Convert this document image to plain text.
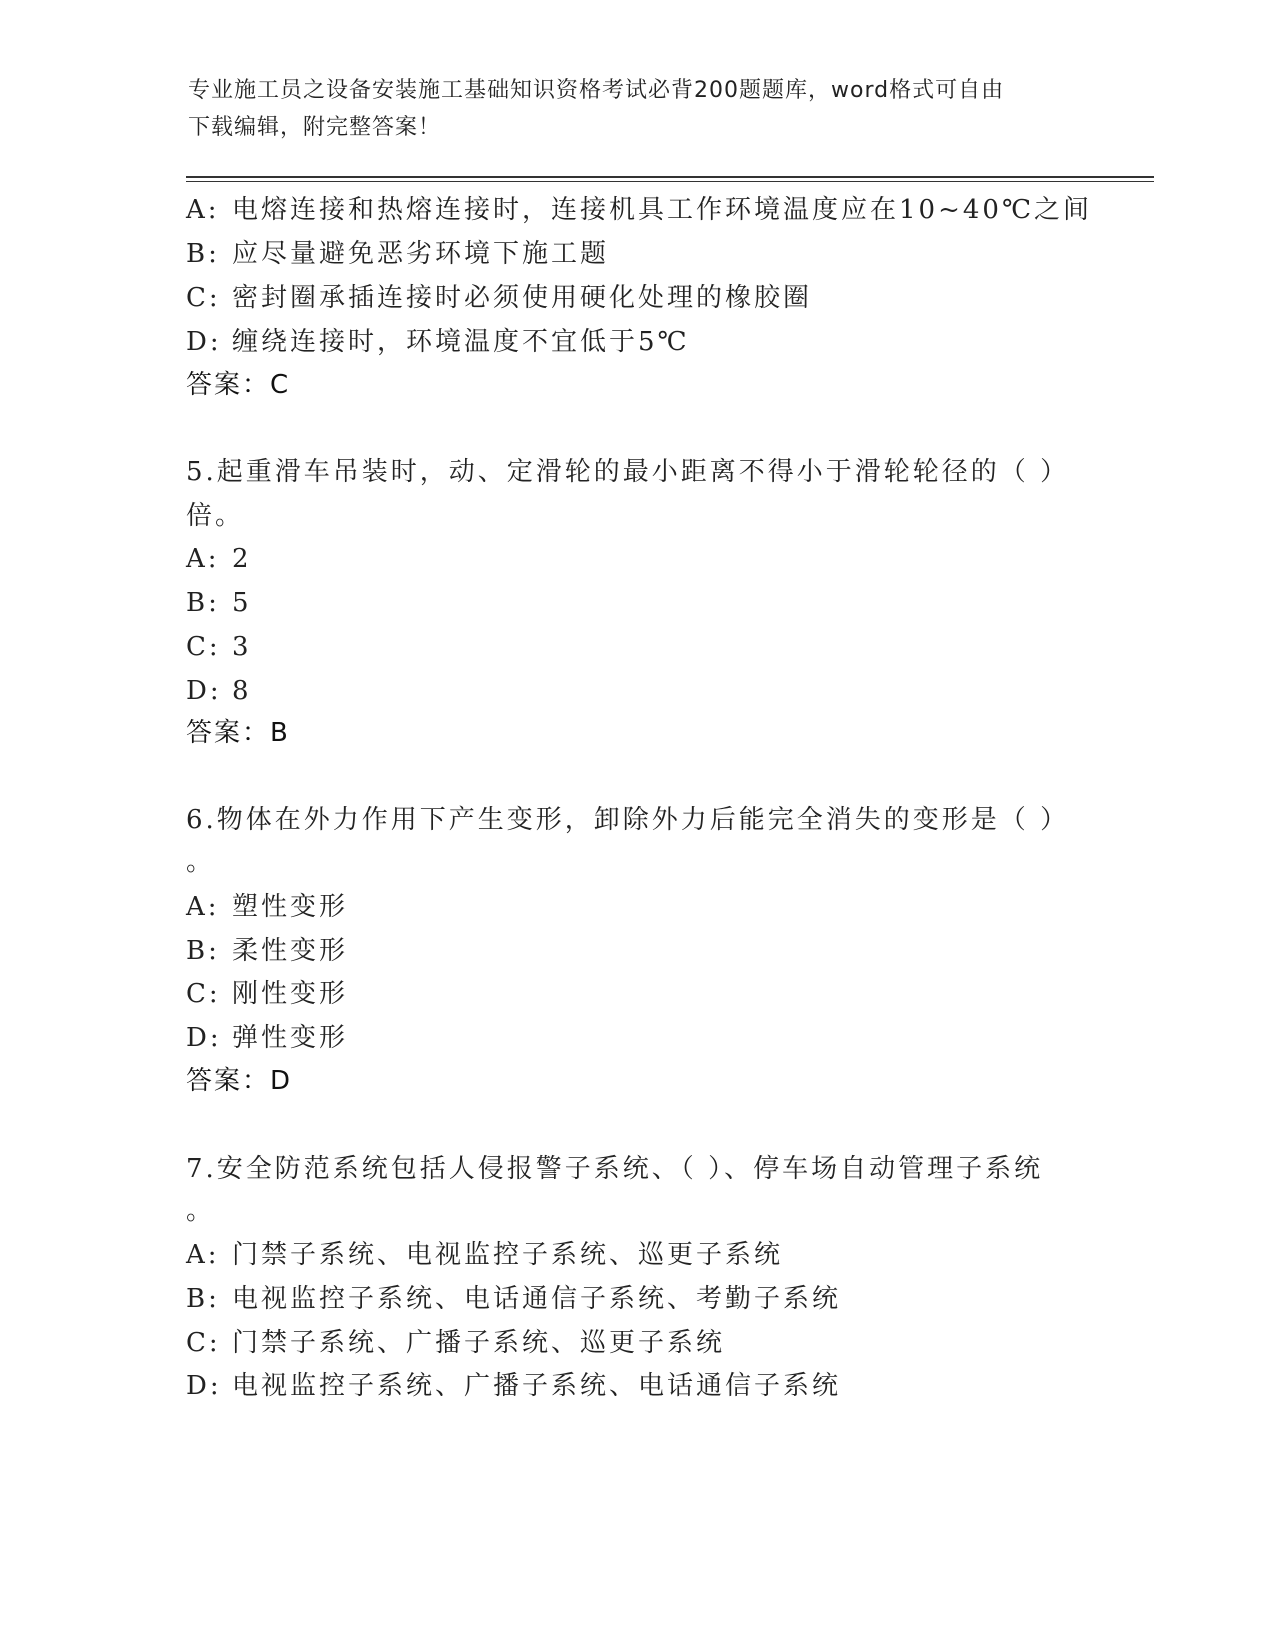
专业施工员之设备安装施工基础知识资格考试必背200题题库，word格式可自由
下载编辑，附完整答案！
A: 电熔连接和热熔连接时，连接机具工作环境温度应在10~40℃之间
B: 应尽量避免恶劣环境下施工题
C: 密封圈承插连接时必须使用硬化处理的橡胶圈
D: 缠绕连接时，环境温度不宜低于5℃
答案：C
5.起重滑车吊装时，动、定滑轮的最小距离不得小于滑轮轮径的（ ）
倍。
A: 2
B: 5
C: 3
D: 8
答案：B
6.物体在外力作用下产生变形，卸除外力后能完全消失的变形是（ ）
。
A: 塑性变形
B: 柔性变形
C: 刚性变形
D: 弹性变形
答案：D
7.安全防范系统包括人侵报警子系统、（ ）、停车场自动管理子系统
。
A: 门禁子系统、电视监控子系统、巡更子系统
B: 电视监控子系统、电话通信子系统、考勤子系统
C: 门禁子系统、广播子系统、巡更子系统
D: 电视监控子系统、广播子系统、电话通信子系统
